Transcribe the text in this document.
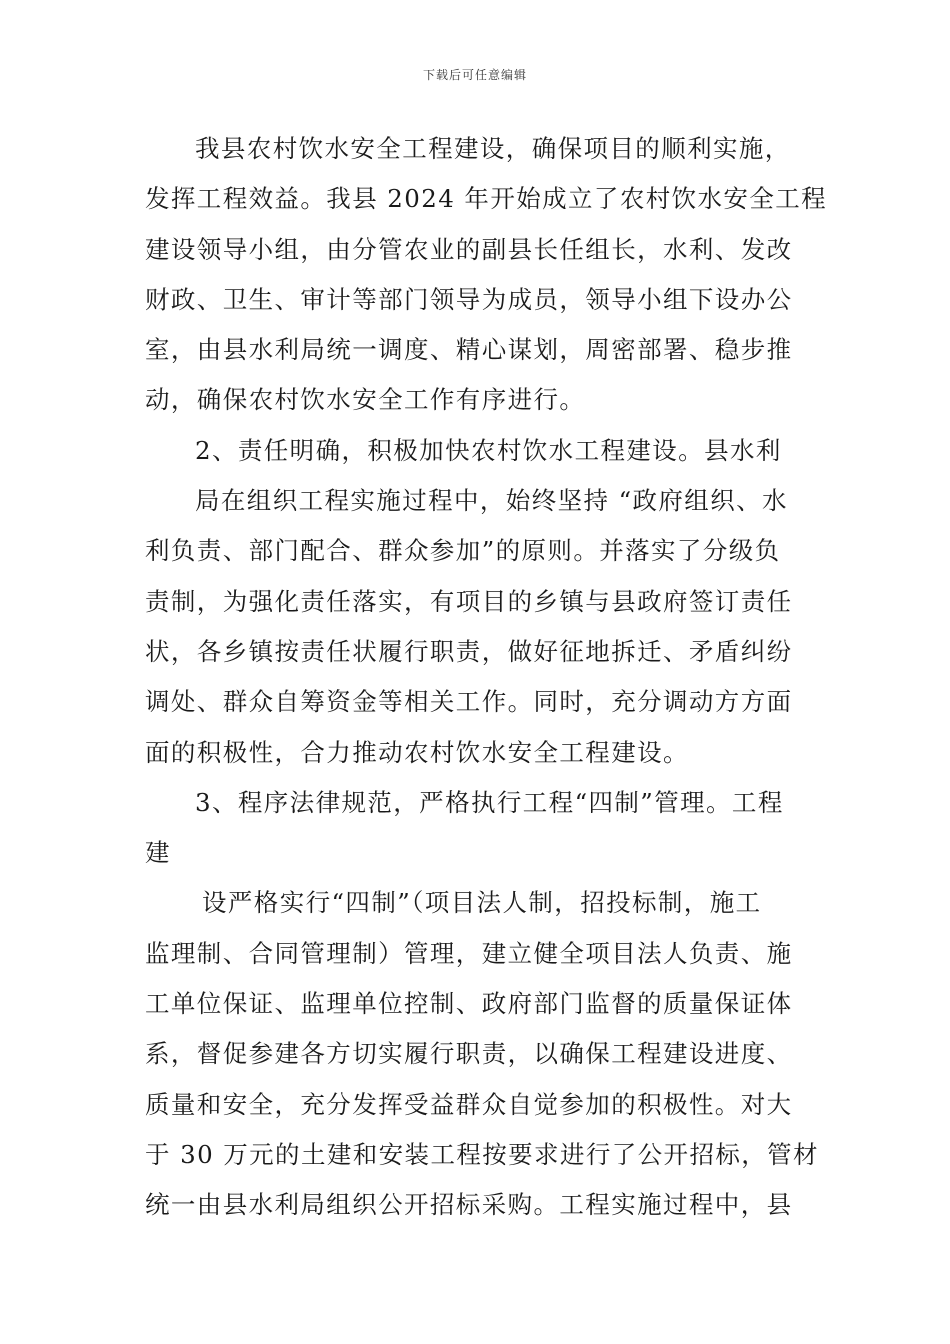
下载后可任意编辑
我县农村饮水安全工程建设，确保项目的顺利实施，
发挥工程效益。我县 2024 年开始成立了农村饮水安全工程
建设领导小组，由分管农业的副县长任组长，水利、发改
财政、卫生、审计等部门领导为成员，领导小组下设办公
室，由县水利局统一调度、精心谋划，周密部署、稳步推
动，确保农村饮水安全工作有序进行。
2、责任明确，积极加快农村饮水工程建设。县水利
局在组织工程实施过程中，始终坚持 “政府组织、水
利负责、部门配合、群众参加”的原则。并落实了分级负
责制，为强化责任落实，有项目的乡镇与县政府签订责任
状，各乡镇按责任状履行职责，做好征地拆迁、矛盾纠纷
调处、群众自筹资金等相关工作。同时，充分调动方方面
面的积极性，合力推动农村饮水安全工程建设。
3、程序法律规范，严格执行工程“四制”管理。工程
建
设严格实行“四制”（项目法人制，招投标制，施工
监理制、合同管理制）管理，建立健全项目法人负责、施
工单位保证、监理单位控制、政府部门监督的质量保证体
系，督促参建各方切实履行职责，以确保工程建设进度、
质量和安全，充分发挥受益群众自觉参加的积极性。对大
于 30 万元的土建和安装工程按要求进行了公开招标，管材
统一由县水利局组织公开招标采购。工程实施过程中，县
